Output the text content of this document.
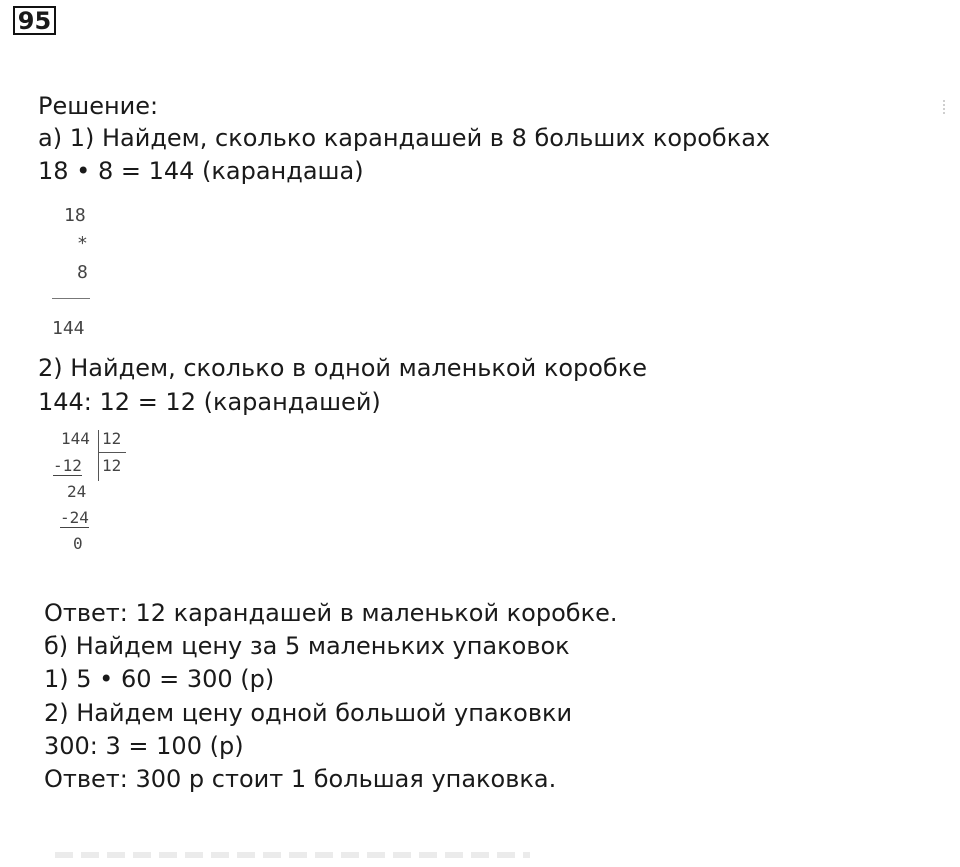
95
Решение:
а) 1) Найдем, сколько карандашей в 8 больших коробках
18 • 8 = 144 (карандаша)
18
*
8
144
2) Найдем, сколько в одной маленькой коробке
144: 12 = 12 (карандашей)
144 12
-12 12
24
-24
0
Ответ: 12 карандашей в маленькой коробке.
б) Найдем цену за 5 маленьких упаковок
1) 5 • 60 = 300 (р)
2) Найдем цену одной большой упаковки
300: 3 = 100 (р)
Ответ: 300 р стоит 1 большая упаковка.
